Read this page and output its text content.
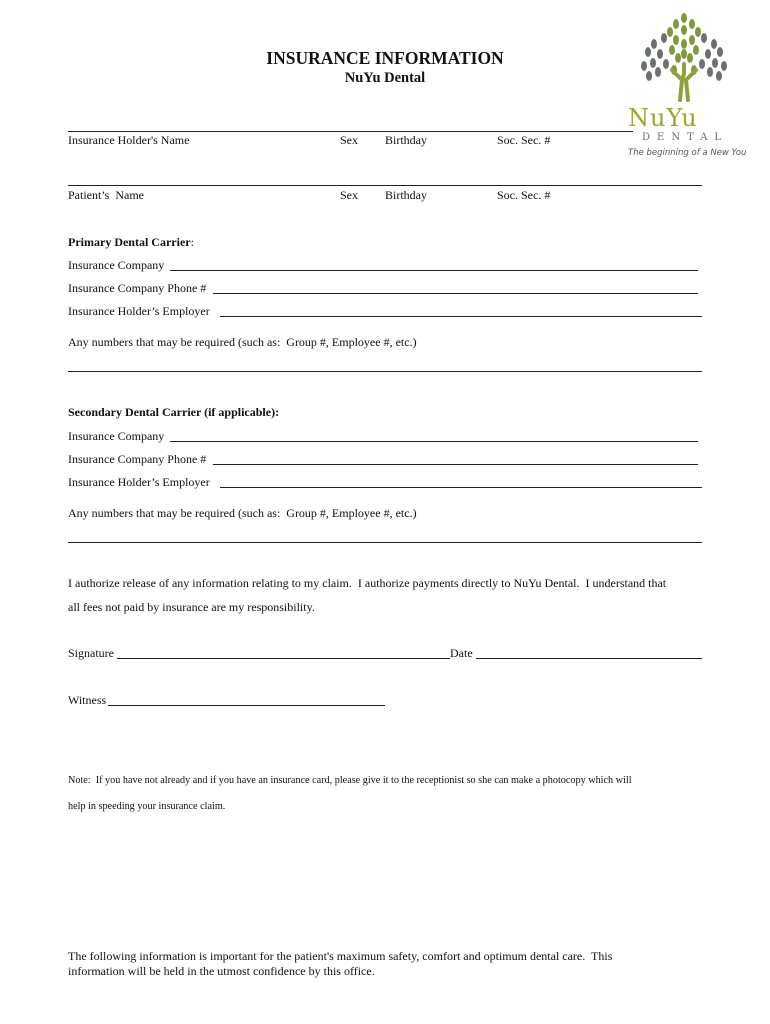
INSURANCE INFORMATION
NuYu Dental
NuYu
DENTAL
The beginning of a New You
Insurance Holder's Name	Sex Birthday	Soc. Sec. #
Patient’s  Name	Sex Birthday	Soc. Sec. #
Primary Dental Carrier:
Insurance Company
Insurance Company Phone #
Insurance Holder’s Employer
Any numbers that may be required (such as:  Group #, Employee #, etc.)
Secondary Dental Carrier (if applicable):
Insurance Company
Insurance Company Phone #
Insurance Holder’s Employer
Any numbers that may be required (such as:  Group #, Employee #, etc.)
I authorize release of any information relating to my claim.  I authorize payments directly to NuYu Dental.  I understand that
all fees not paid by insurance are my responsibility.
Signature	Date
Witness

Note:  If you have not already and if you have an insurance card, please give it to the receptionist so she can make a photocopy which will

help in speeding your insurance claim.

The following information is important for the patient's maximum safety, comfort and optimum dental care.  This
information will be held in the utmost confidence by this office.
